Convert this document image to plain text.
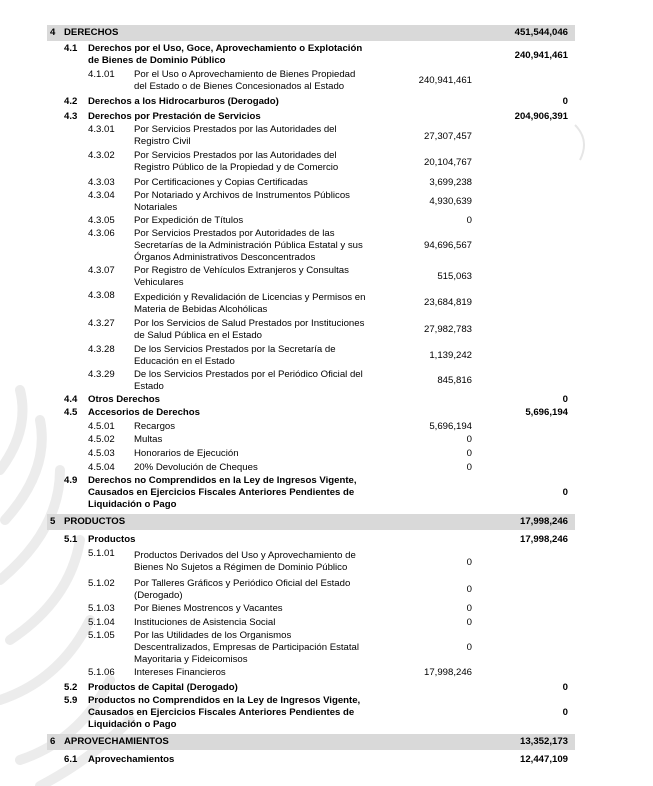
4 DERECHOS	451,544,046
4.1 Derechos por el Uso, Goce, Aprovechamiento o Explotación
de Bienes de Dominio Público	240,941,461
4.1.01 Por el Uso o Aprovechamiento de Bienes Propiedad
del Estado o de Bienes Concesionados al Estado
240,941,461
4.2 Derechos a los Hidrocarburos (Derogado)	0
4.3 Derechos por Prestación de Servicios	204,906,391
4.3.01 Por Servicios Prestados por las Autoridades del
Registro Civil	27,307,457
4.3.02 Por Servicios Prestados por las Autoridades del
Registro Público de la Propiedad y de Comercio	20,104,767
4.3.03 Por Certificaciones y Copias Certificadas	3,699,238
4.3.04 Por Notariado y Archivos de Instrumentos Públicos
Notariales
4,930,639
4.3.05 Por Expedición de Títulos	0
4.3.06 Por Servicios Prestados por Autoridades de las
Secretarías de la Administración Pública Estatal y sus
Órganos Administrativos Desconcentrados
94,696,567
4.3.07 Por Registro de Vehículos Extranjeros y Consultas
Vehiculares
515,063
4.3.08 Expedición y Revalidación de Licencias y Permisos en
Materia de Bebidas Alcohólicas
23,684,819
4.3.27 Por los Servicios de Salud Prestados por Instituciones
de Salud Pública en el Estado
27,982,783
4.3.28 De los Servicios Prestados por la Secretaría de
Educación en el Estado
1,139,242
4.3.29 De los Servicios Prestados por el Periódico Oficial del
Estado
845,816
4.4 Otros Derechos	0
4.5 Accesorios de Derechos	5,696,194
4.5.01 Recargos	5,696,194
4.5.02 Multas	0
4.5.03 Honorarios de Ejecución	0
4.5.04 20% Devolución de Cheques	0
4.9 Derechos no Comprendidos en la Ley de Ingresos Vigente,
Causados en Ejercicios Fiscales Anteriores Pendientes de
Liquidación o Pago
0
5 PRODUCTOS	17,998,246
5.1 Productos	17,998,246
5.1.01 Productos Derivados del Uso y Aprovechamiento de
Bienes No Sujetos a Régimen de Dominio Público	0
5.1.02 Por Talleres Gráficos y Periódico Oficial del Estado
(Derogado)
0
5.1.03 Por Bienes Mostrencos y Vacantes	0
5.1.04 Instituciones de Asistencia Social	0
5.1.05 Por las Utilidades de los Organismos
Descentralizados, Empresas de Participación Estatal
Mayoritaria y Fideicomisos
0
5.1.06 Intereses Financieros	17,998,246
5.2 Productos de Capital (Derogado)	0
5.9 Productos no Comprendidos en la Ley de Ingresos Vigente,
Causados en Ejercicios Fiscales Anteriores Pendientes de
Liquidación o Pago
0
6 APROVECHAMIENTOS	13,352,173
6.1 Aprovechamientos	12,447,109
